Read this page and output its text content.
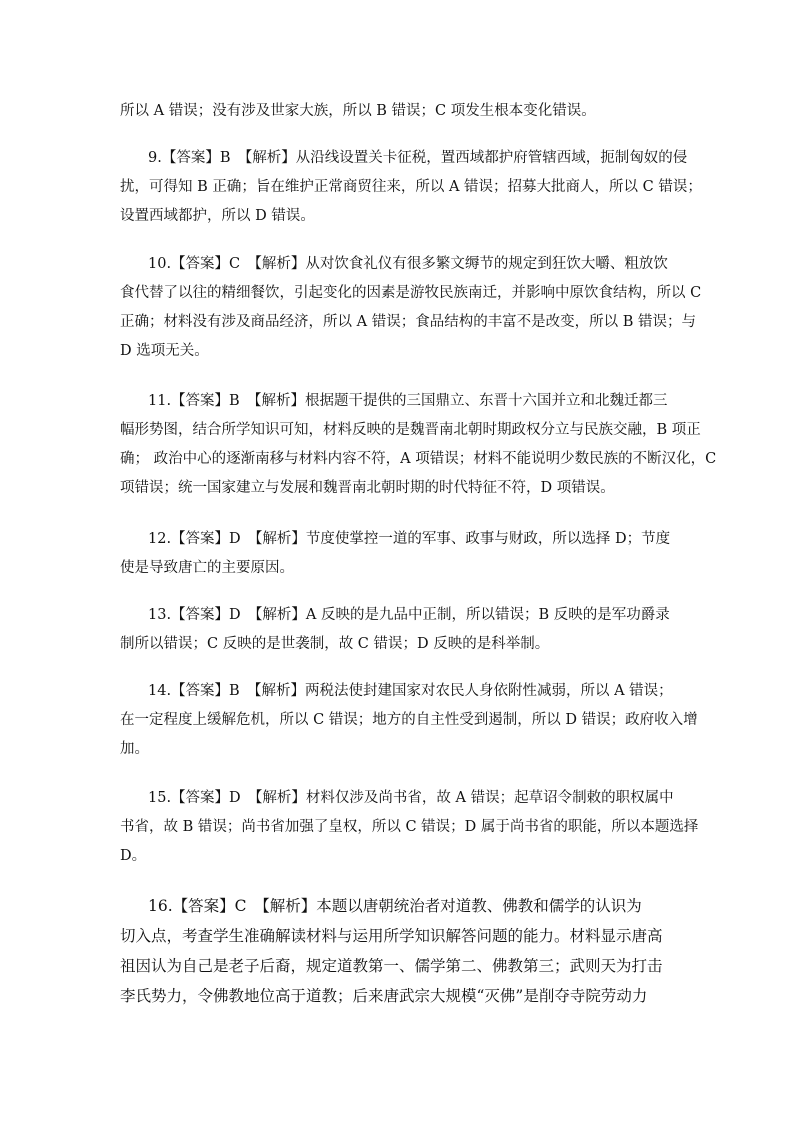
所以 A 错误；没有涉及世家大族，所以 B 错误；C 项发生根本变化错误。

9.【答案】B　【解析】从沿线设置关卡征税，置西域都护府管辖西域，扼制匈奴的侵
扰，可得知 B 正确；旨在维护正常商贸往来，所以 A 错误；招募大批商人，所以 C 错误；
设置西域都护，所以 D 错误。

10.【答案】C　【解析】从对饮食礼仪有很多繁文缛节的规定到狂饮大嚼、粗放饮
食代替了以往的精细餐饮，引起变化的因素是游牧民族南迁，并影响中原饮食结构，所以 C
正确；材料没有涉及商品经济，所以 A 错误；食品结构的丰富不是改变，所以 B 错误；与
D 选项无关。

11.【答案】B　【解析】根据题干提供的三国鼎立、东晋十六国并立和北魏迁都三
幅形势图，结合所学知识可知，材料反映的是魏晋南北朝时期政权分立与民族交融，B 项正
确； 政治中心的逐渐南移与材料内容不符，A 项错误；材料不能说明少数民族的不断汉化，C
项错误；统一国家建立与发展和魏晋南北朝时期的时代特征不符，D 项错误。

12.【答案】D　【解析】节度使掌控一道的军事、政事与财政，所以选择 D；节度
使是导致唐亡的主要原因。

13.【答案】D　【解析】A 反映的是九品中正制，所以错误；B 反映的是军功爵录
制所以错误；C 反映的是世袭制，故 C 错误；D 反映的是科举制。

14.【答案】B　【解析】两税法使封建国家对农民人身依附性减弱，所以 A 错误；
在一定程度上缓解危机，所以 C 错误；地方的自主性受到遏制，所以 D 错误；政府收入增
加。

15.【答案】D　【解析】材料仅涉及尚书省，故 A 错误；起草诏令制敕的职权属中
书省，故 B 错误；尚书省加强了皇权，所以 C 错误；D 属于尚书省的职能，所以本题选择
D。

16.【答案】C　【解析】本题以唐朝统治者对道教、佛教和儒学的认识为
切入点，考查学生准确解读材料与运用所学知识解答问题的能力。材料显示唐高
祖因认为自己是老子后裔，规定道教第一、儒学第二、佛教第三；武则天为打击
李氏势力，令佛教地位高于道教；后来唐武宗大规模“灭佛”是削夺寺院劳动力
